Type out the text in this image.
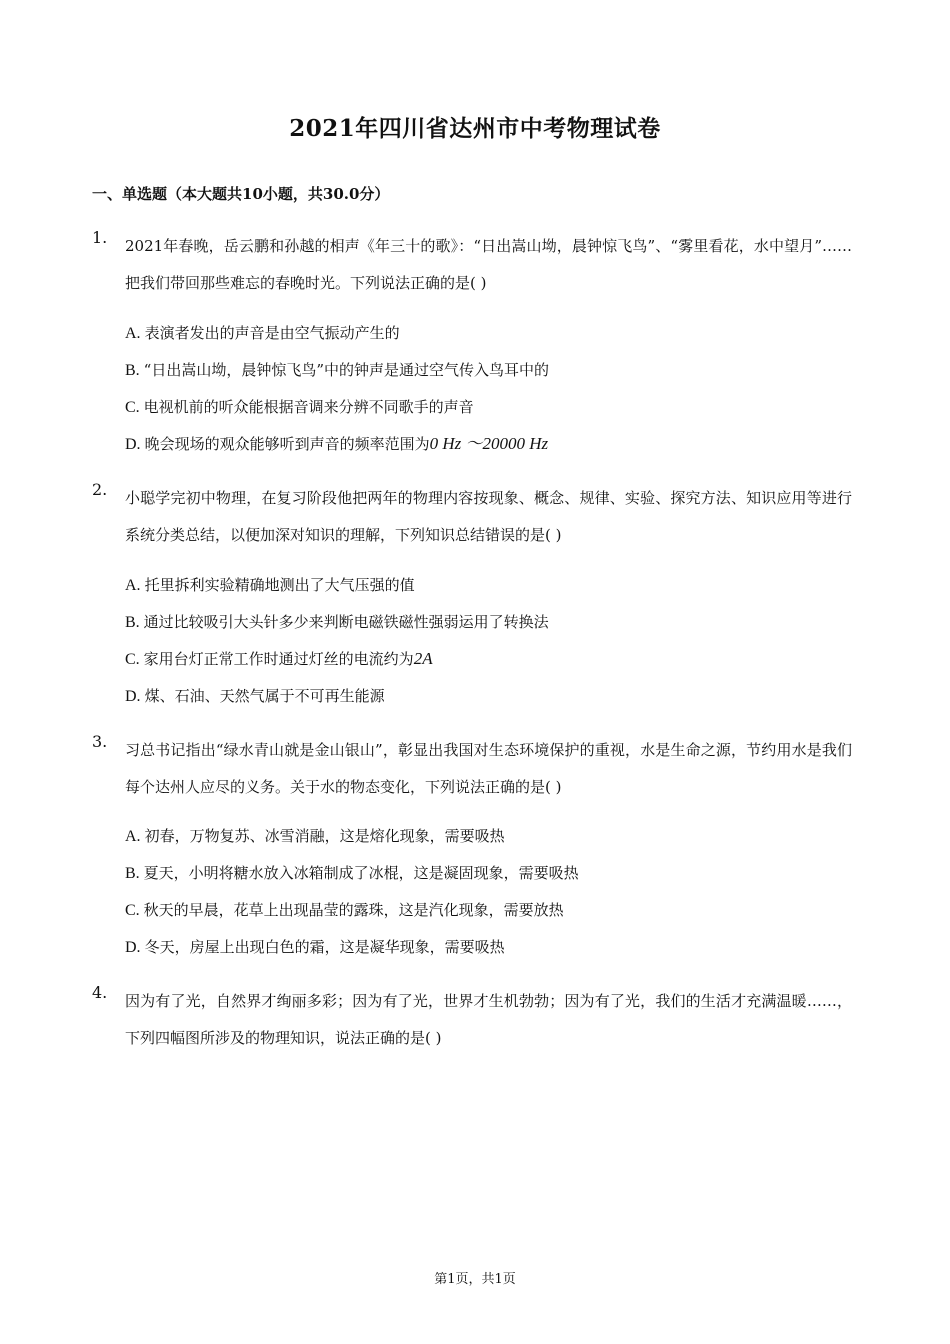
2021年四川省达州市中考物理试卷
一、单选题（本大题共10小题，共30.0分）
1.	2021年春晚，岳云鹏和孙越的相声《年三十的歌》：“日出嵩山坳，晨钟惊飞鸟”、“雾里看花，水中望月”……把我们带回那些难忘的春晚时光。下列说法正确的是( )
A. 表演者发出的声音是由空气振动产生的
B. “日出嵩山坳，晨钟惊飞鸟”中的钟声是通过空气传入鸟耳中的
C. 电视机前的听众能根据音调来分辨不同歌手的声音
D. 晚会现场的观众能够听到声音的频率范围为0 Hz ～20000 Hz
2.	小聪学完初中物理，在复习阶段他把两年的物理内容按现象、概念、规律、实验、探究方法、知识应用等进行系统分类总结，以便加深对知识的理解，下列知识总结错误的是( )
A. 托里拆利实验精确地测出了大气压强的值
B. 通过比较吸引大头针多少来判断电磁铁磁性强弱运用了转换法
C. 家用台灯正常工作时通过灯丝的电流约为2A
D. 煤、石油、天然气属于不可再生能源
3.	习总书记指出“绿水青山就是金山银山”，彰显出我国对生态环境保护的重视，水是生命之源，节约用水是我们每个达州人应尽的义务。关于水的物态变化，下列说法正确的是( )
A. 初春，万物复苏、冰雪消融，这是熔化现象，需要吸热
B. 夏天，小明将糖水放入冰箱制成了冰棍，这是凝固现象，需要吸热
C. 秋天的早晨，花草上出现晶莹的露珠，这是汽化现象，需要放热
D. 冬天，房屋上出现白色的霜，这是凝华现象，需要吸热
4.	因为有了光，自然界才绚丽多彩；因为有了光，世界才生机勃勃；因为有了光，我们的生活才充满温暖……，下列四幅图所涉及的物理知识，说法正确的是( )
第1页，共1页
